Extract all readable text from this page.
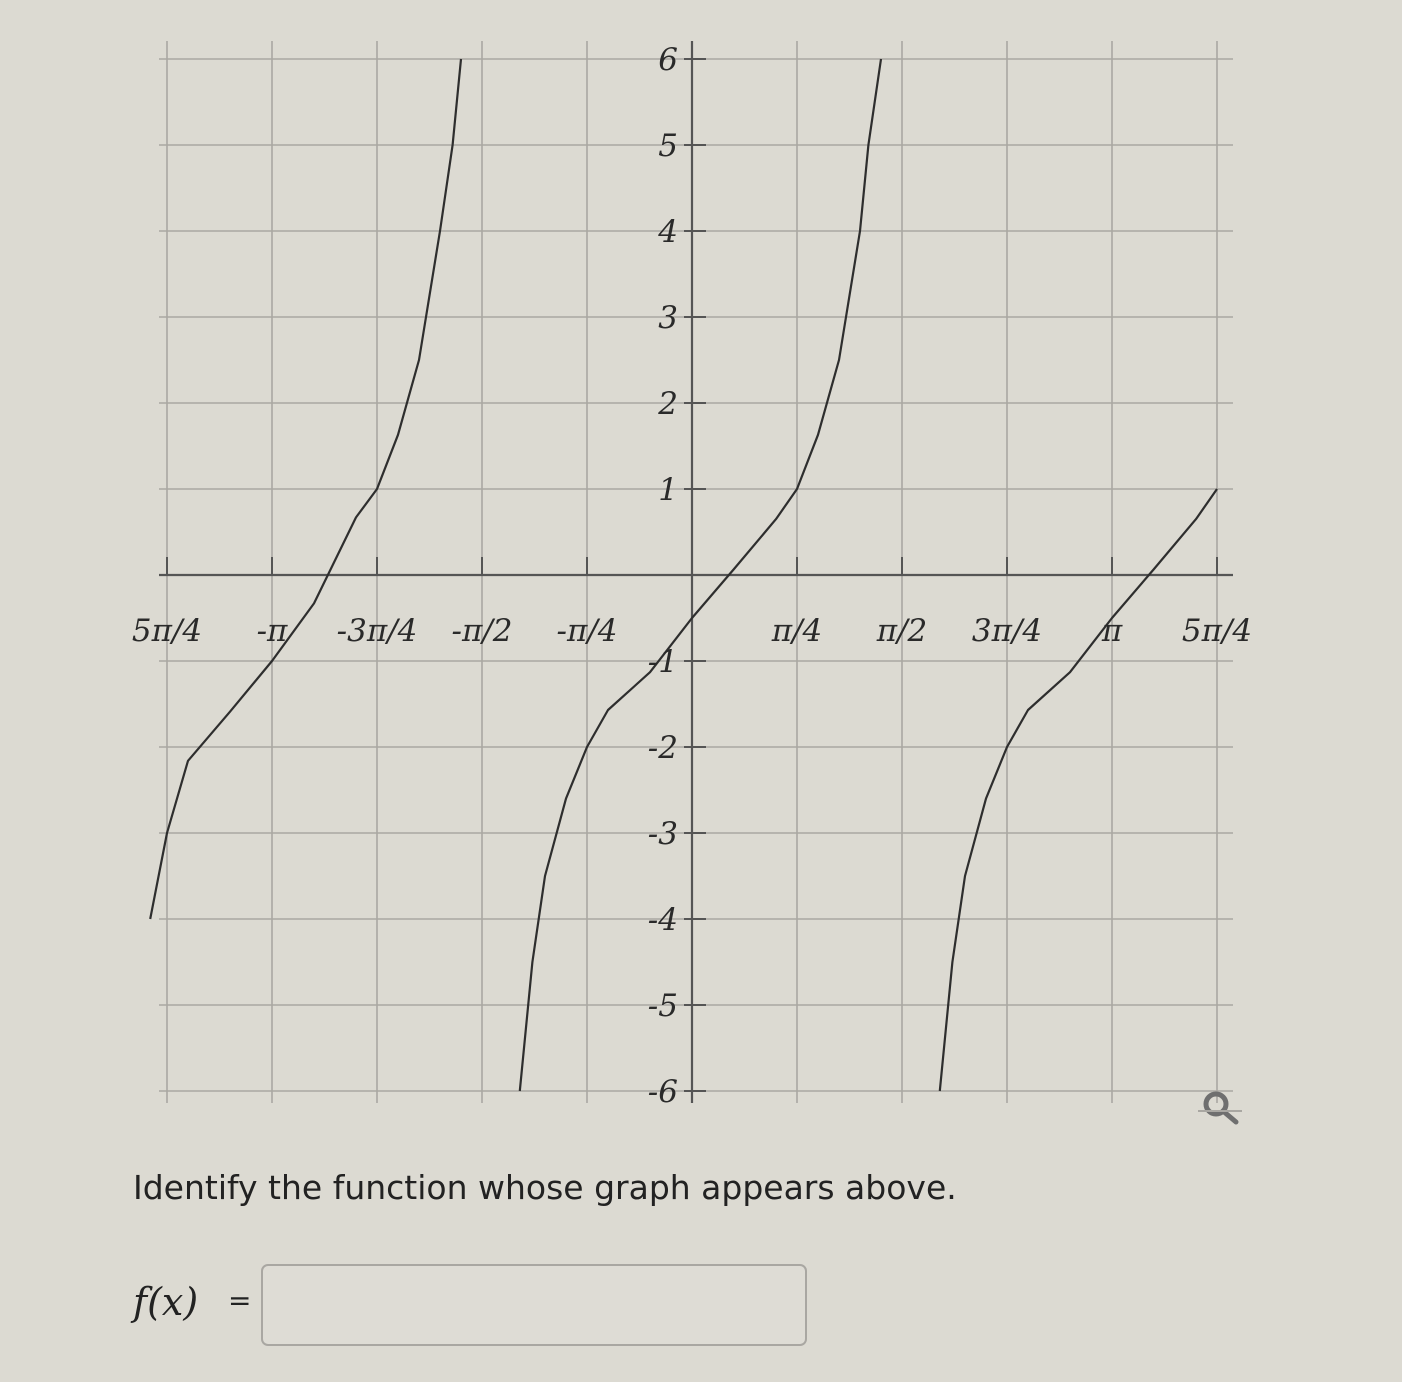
6
5
4
3
2
1
-1
-2
-3
-4
-5
-6
5π/4 -π -3π/4 -π/2 -π/4	π/4 π/2 3π/4 π 5π/4
Identify the function whose graph appears above.
f(x) =
